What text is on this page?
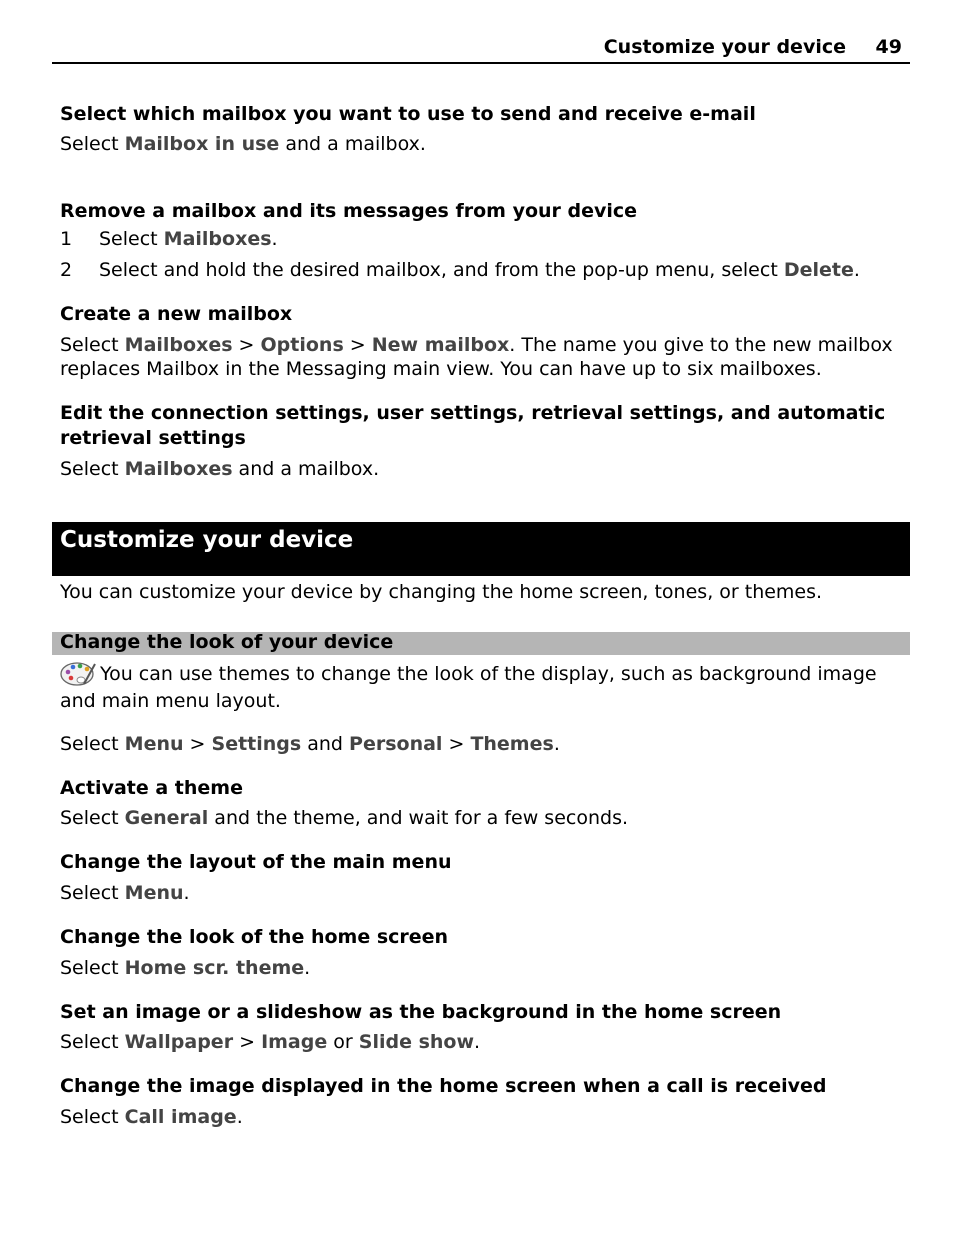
Customize your device 49
Select which mailbox you want to use to send and receive e-mail
Select Mailbox in use and a mailbox.
Remove a mailbox and its messages from your device
1 Select Mailboxes.
2 Select and hold the desired mailbox, and from the pop-up menu, select Delete.
Create a new mailbox
Select Mailboxes > Options > New mailbox. The name you give to the new mailbox
replaces Mailbox in the Messaging main view. You can have up to six mailboxes.
Edit the connection settings, user settings, retrieval settings, and automatic
retrieval settings
Select Mailboxes and a mailbox.
Customize your device
You can customize your device by changing the home screen, tones, or themes.
Change the look of your device
You can use themes to change the look of the display, such as background image
and main menu layout.
Select Menu > Settings and Personal > Themes.
Activate a theme
Select General and the theme, and wait for a few seconds.
Change the layout of the main menu
Select Menu.
Change the look of the home screen
Select Home scr. theme.
Set an image or a slideshow as the background in the home screen
Select Wallpaper > Image or Slide show.
Change the image displayed in the home screen when a call is received
Select Call image.
